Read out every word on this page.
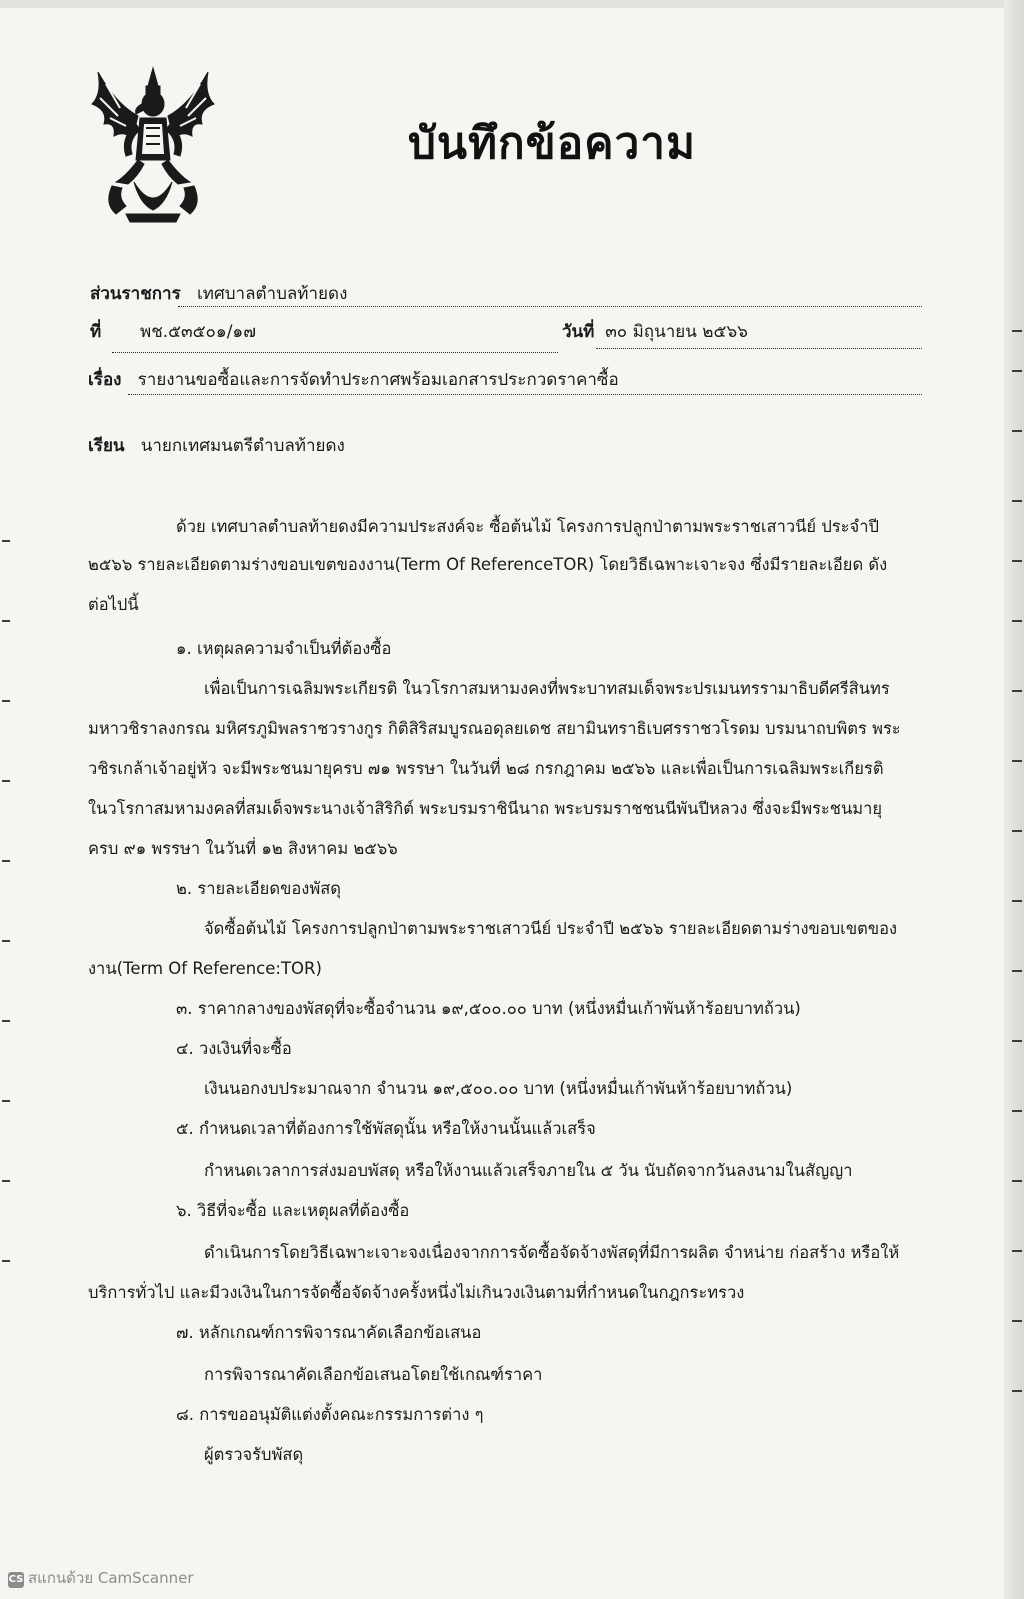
บันทึกข้อความ
ส่วนราชการ เทศบาลตำบลท้ายดง
ที่ พช.๕๓๕๐๑/๑๗	วันที่ ๓๐ มิถุนายน ๒๕๖๖
เรื่อง รายงานขอซื้อและการจัดทำประกาศพร้อมเอกสารประกวดราคาซื้อ
เรียน นายกเทศมนตรีตำบลท้ายดง
ด้วย เทศบาลตำบลท้ายดงมีความประสงค์จะ ซื้อต้นไม้ โครงการปลูกป่าตามพระราชเสาวนีย์ ประจำปี
๒๕๖๖ รายละเอียดตามร่างขอบเขตของงาน(Term Of ReferenceTOR) โดยวิธีเฉพาะเจาะจง ซึ่งมีรายละเอียด ดัง
ต่อไปนี้
๑. เหตุผลความจำเป็นที่ต้องซื้อ
เพื่อเป็นการเฉลิมพระเกียรติ ในวโรกาสมหามงคงที่พระบาทสมเด็จพระปรเมนทรรามาธิบดีศรีสินทร
มหาวชิราลงกรณ มหิศรภูมิพลราชวรางกูร กิติสิริสมบูรณอดุลยเดช สยามินทราธิเบศรราชวโรดม บรมนาถบพิตร พระ
วชิรเกล้าเจ้าอยู่หัว จะมีพระชนมายุครบ ๗๑ พรรษา ในวันที่ ๒๘ กรกฎาคม ๒๕๖๖ และเพื่อเป็นการเฉลิมพระเกียรติ
ในวโรกาสมหามงคลที่สมเด็จพระนางเจ้าสิริกิต์ พระบรมราชินีนาถ พระบรมราชชนนีพันปีหลวง ซึ่งจะมีพระชนมายุ
ครบ ๙๑ พรรษา ในวันที่ ๑๒ สิงหาคม ๒๕๖๖
๒. รายละเอียดของพัสดุ
จัดซื้อต้นไม้ โครงการปลูกป่าตามพระราชเสาวนีย์ ประจำปี ๒๕๖๖ รายละเอียดตามร่างขอบเขตของ
งาน(Term Of Reference:TOR)
๓. ราคากลางของพัสดุที่จะซื้อจำนวน ๑๙,๕๐๐.๐๐ บาท (หนึ่งหมื่นเก้าพันห้าร้อยบาทถ้วน)
๔. วงเงินที่จะซื้อ
เงินนอกงบประมาณจาก จำนวน ๑๙,๕๐๐.๐๐ บาท (หนึ่งหมื่นเก้าพันห้าร้อยบาทถ้วน)
๕. กำหนดเวลาที่ต้องการใช้พัสดุนั้น หรือให้งานนั้นแล้วเสร็จ
กำหนดเวลาการส่งมอบพัสดุ หรือให้งานแล้วเสร็จภายใน ๕ วัน นับถัดจากวันลงนามในสัญญา
๖. วิธีที่จะซื้อ และเหตุผลที่ต้องซื้อ
ดำเนินการโดยวิธีเฉพาะเจาะจงเนื่องจากการจัดซื้อจัดจ้างพัสดุที่มีการผลิต จำหน่าย ก่อสร้าง หรือให้
บริการทั่วไป และมีวงเงินในการจัดซื้อจัดจ้างครั้งหนึ่งไม่เกินวงเงินตามที่กำหนดในกฎกระทรวง
๗. หลักเกณฑ์การพิจารณาคัดเลือกข้อเสนอ
การพิจารณาคัดเลือกข้อเสนอโดยใช้เกณฑ์ราคา
๘. การขออนุมัติแต่งตั้งคณะกรรมการต่าง ๆ
ผู้ตรวจรับพัสดุ
CS สแกนด้วย CamScanner
